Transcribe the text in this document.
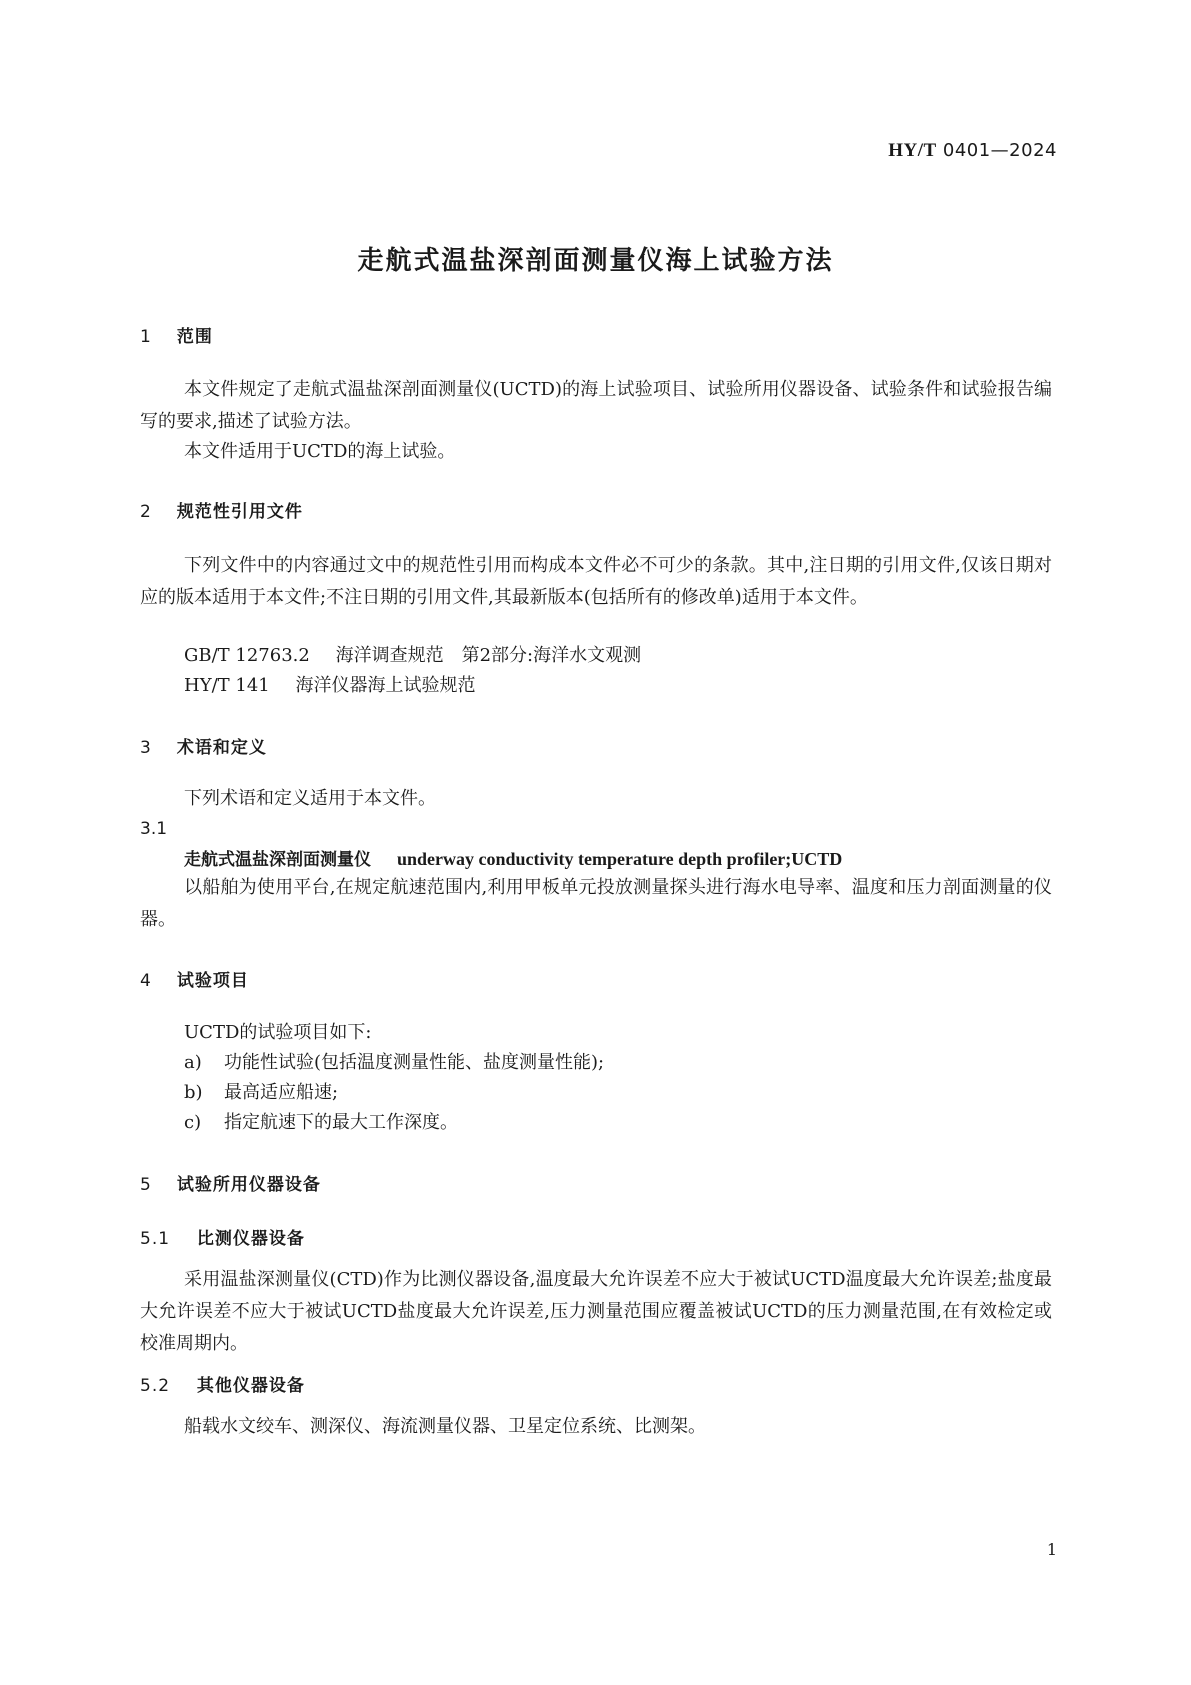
HY/T 0401—2024
走航式温盐深剖面测量仪海上试验方法
1 范围
本文件规定了走航式温盐深剖面测量仪(UCTD)的海上试验项目、试验所用仪器设备、试验条件和试验报告编写的要求,描述了试验方法。
本文件适用于UCTD的海上试验。
2 规范性引用文件
下列文件中的内容通过文中的规范性引用而构成本文件必不可少的条款。其中,注日期的引用文件,仅该日期对应的版本适用于本文件;不注日期的引用文件,其最新版本(包括所有的修改单)适用于本文件。
GB/T 12763.2 海洋调查规范　第2部分:海洋水文观测
HY/T 141 海洋仪器海上试验规范
3 术语和定义
下列术语和定义适用于本文件。
3.1
走航式温盐深剖面测量仪 underway conductivity temperature depth profiler;UCTD
以船舶为使用平台,在规定航速范围内,利用甲板单元投放测量探头进行海水电导率、温度和压力剖面测量的仪器。
4 试验项目
UCTD的试验项目如下:
a) 功能性试验(包括温度测量性能、盐度测量性能);
b) 最高适应船速;
c) 指定航速下的最大工作深度。
5 试验所用仪器设备
5.1 比测仪器设备
采用温盐深测量仪(CTD)作为比测仪器设备,温度最大允许误差不应大于被试UCTD温度最大允许误差;盐度最大允许误差不应大于被试UCTD盐度最大允许误差,压力测量范围应覆盖被试UCTD的压力测量范围,在有效检定或校准周期内。
5.2 其他仪器设备
船载水文绞车、测深仪、海流测量仪器、卫星定位系统、比测架。
1
